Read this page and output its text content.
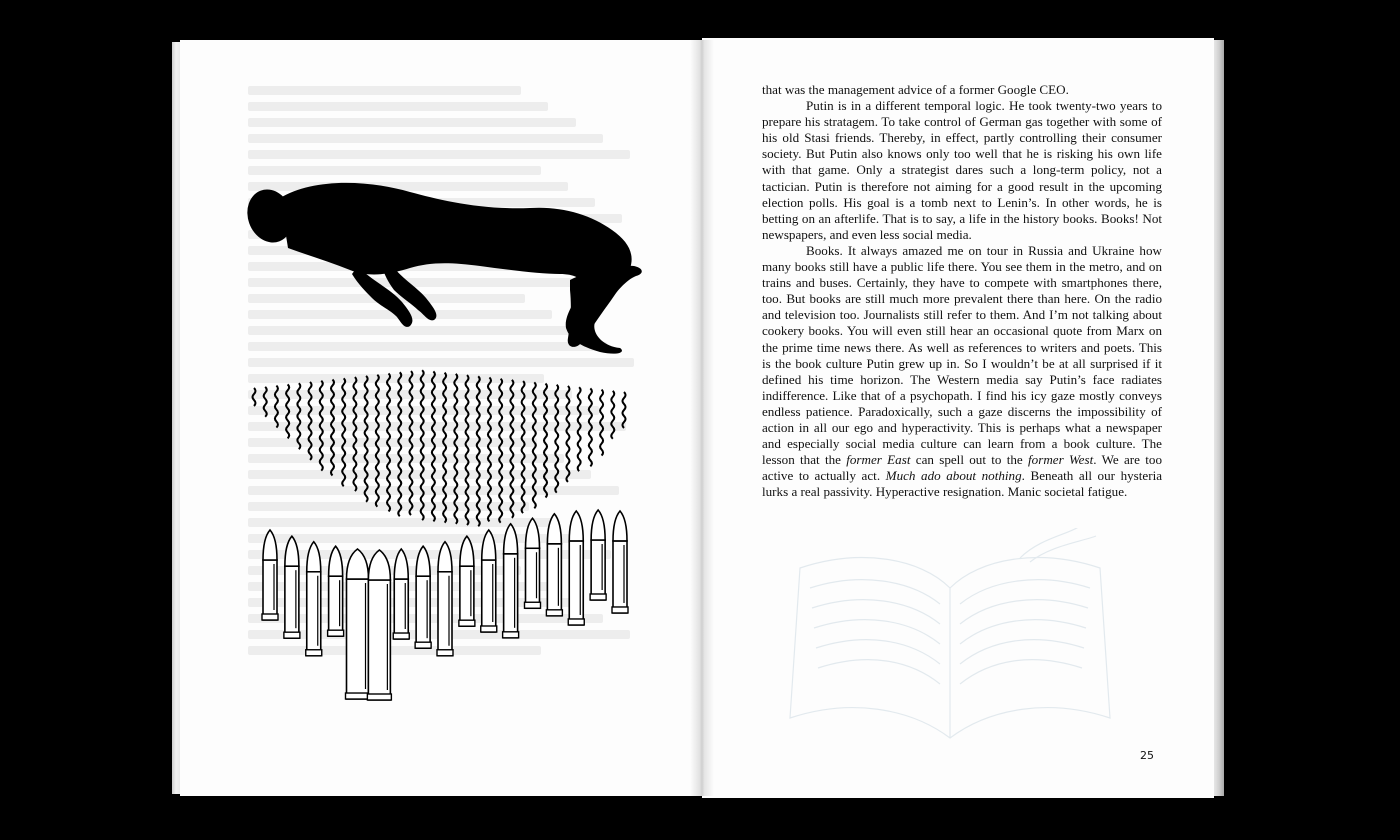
that was the management advice of a former Google CEO.

Putin is in a different temporal logic. He took twenty-two years to prepare his stratagem. To take control of German gas together with some of his old Stasi friends. Thereby, in effect, partly controlling their consumer society. But Putin also knows only too well that he is risking his own life with that game. Only a strategist dares such a long-term policy, not a tactician. Putin is therefore not aiming for a good result in the upcoming election polls. His goal is a tomb next to Lenin’s. In other words, he is betting on an afterlife. That is to say, a life in the history books. Books! Not newspapers, and even less social media.

Books. It always amazed me on tour in Russia and Ukraine how many books still have a public life there. You see them in the metro, and on trains and buses. Certainly, they have to compete with smartphones there, too. But books are still much more prevalent there than here. On the radio and television too. Journalists still refer to them. And I’m not talking about cookery books. You will even still hear an occasional quote from Marx on the prime time news there. As well as references to writers and poets. This is the book culture Putin grew up in. So I wouldn’t be at all surprised if it defined his time horizon. The Western media say Putin’s face radiates indifference. Like that of a psychopath. I find his icy gaze mostly conveys endless patience. Paradoxically, such a gaze discerns the impossibility of action in all our ego and hyperactivity. This is perhaps what a newspaper and especially social media culture can learn from a book culture. The lesson that the former East can spell out to the former West. We are too active to actually act. Much ado about nothing. Beneath all our hysteria lurks a real passivity. Hyperactive resignation. Manic societal fatigue.

25
